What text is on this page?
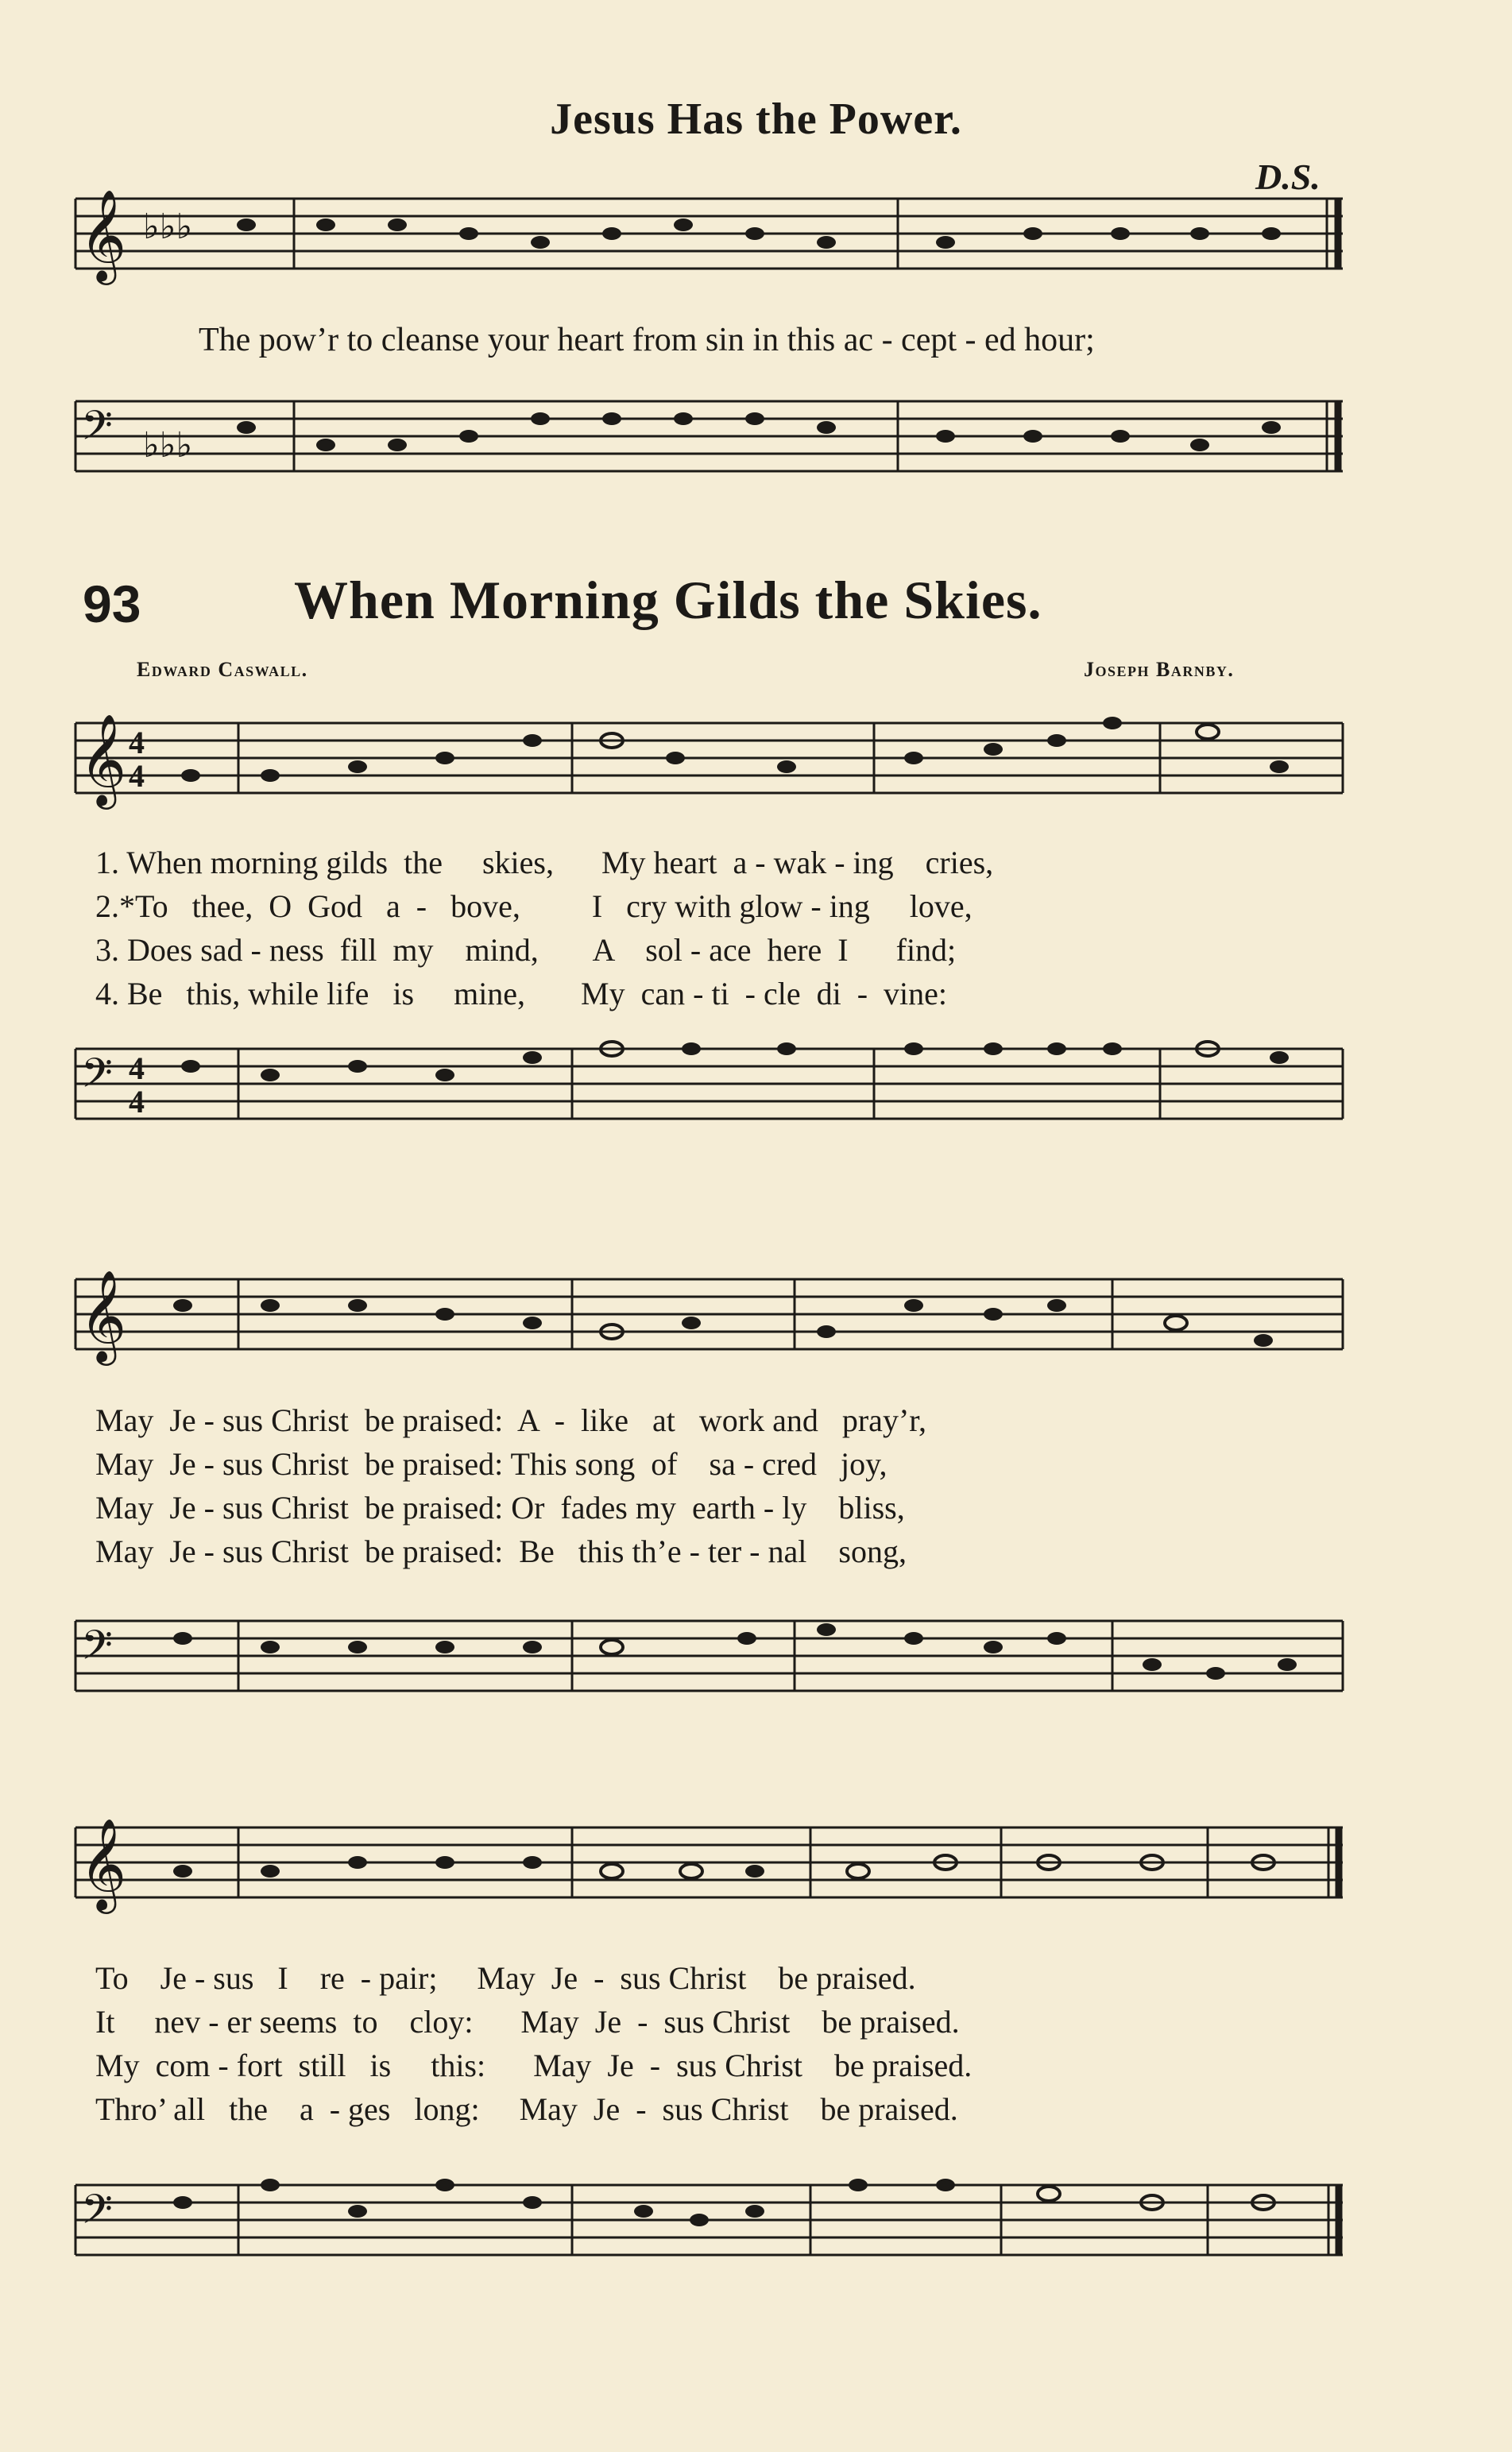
Jesus Has the Power.
D.S.
𝄞 ♭♭♭
The pow’r to cleanse your heart from sin in this ac - cept - ed hour;
𝄢 ♭♭♭
93	When Morning Gilds the Skies.
Edward Caswall.	Joseph Barnby.
𝄞 4
4
1. When morning gilds  the     skies,      My heart  a - wak - ing    cries,
2.*To   thee,  O  God   a  -   bove,         I   cry with glow - ing     love,
3. Does sad - ness  fill  my    mind,       A    sol - ace  here  I      find;
4. Be   this, while life   is     mine,       My  can - ti  - cle  di  -  vine:
𝄢 4
4
𝄞
May  Je - sus Christ  be praised:  A  -  like   at   work and   pray’r,
May  Je - sus Christ  be praised: This song  of    sa - cred   joy,
May  Je - sus Christ  be praised: Or  fades my  earth - ly    bliss,
May  Je - sus Christ  be praised:  Be   this th’e - ter - nal    song,
𝄢
𝄞
To    Je - sus   I    re  - pair;     May  Je  -  sus Christ    be praised.
It     nev - er seems  to    cloy:      May  Je  -  sus Christ    be praised.
My  com - fort  still   is     this:      May  Je  -  sus Christ    be praised.
Thro’ all   the    a  - ges   long:     May  Je  -  sus Christ    be praised.
𝄢
